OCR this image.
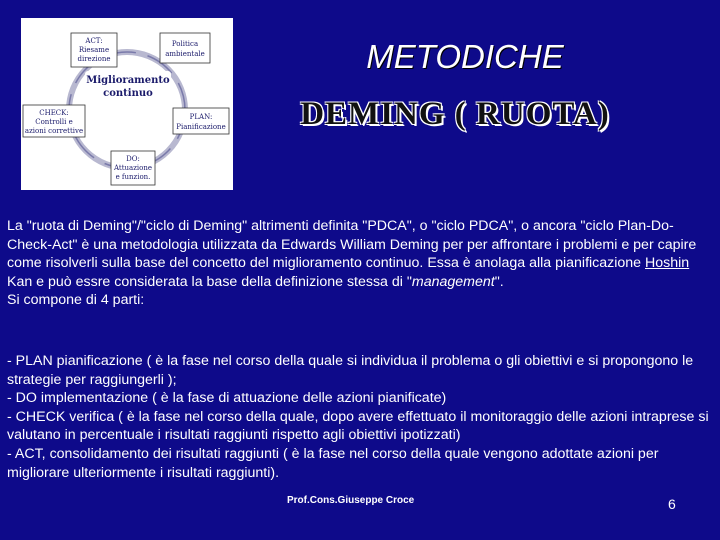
Miglioramento
continuo
ACT:
Riesame
direzione
Politica
ambientale
CHECK:
Controlli e
azioni correttive
PLAN:
Pianificazione
DO:
Attuazione
e funzion.
METODICHE
DEMING ( RUOTA)
La "ruota di Deming"/"ciclo di Deming" altrimenti definita "PDCA", o "ciclo PDCA", o ancora "ciclo Plan-Do-Check-Act" è una metodologia utilizzata da Edwards William Deming per per affrontare i problemi e per capire come risolverli sulla base del concetto del miglioramento continuo. Essa è anolaga alla pianificazione Hoshin Kan e può essre considerata la base della definizione stessa di "management".
Si compone di 4 parti:
- PLAN pianificazione ( è la fase nel corso della quale si individua il problema o gli obiettivi e si propongono le strategie per raggiungerli );
- DO implementazione ( è la fase di attuazione delle azioni pianificate)
- CHECK verifica ( è la fase nel corso della quale, dopo avere effettuato il monitoraggio delle azioni intraprese si valutano in percentuale i risultati raggiunti rispetto agli obiettivi ipotizzati)
- ACT, consolidamento dei risultati raggiunti ( è la fase nel corso della quale vengono adottate azioni per migliorare ulteriormente i risultati raggiunti).
Prof.Cons.Giuseppe Croce	6
